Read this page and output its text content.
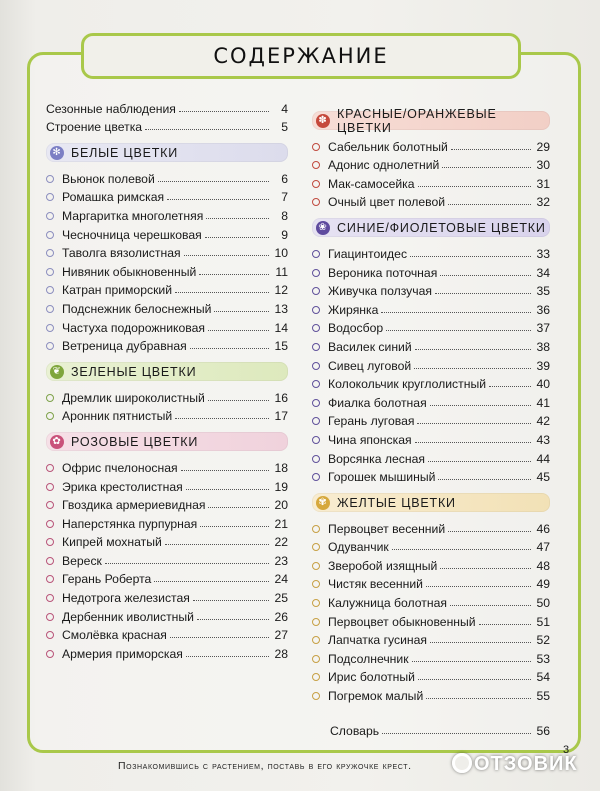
СОДЕРЖАНИЕ
Сезонные наблюдения	4
Строение цветка	5
✻ БЕЛЫЕ ЦВЕТКИ
Вьюнок полевой	6
Ромашка римская	7
Маргаритка многолетняя	8
Чесночница черешковая	9
Таволга вязолистная	10
Нивяник обыкновенный	11
Катран приморский	12
Подснежник белоснежный	13
Частуха подорожниковая	14
Ветреница дубравная	15
❦ ЗЕЛЕНЫЕ ЦВЕТКИ
Дремлик широколистный	16
Аронник пятнистый	17
✿ РОЗОВЫЕ ЦВЕТКИ
Офрис пчелоносная	18
Эрика крестолистная	19
Гвоздика армериевидная	20
Наперстянка пурпурная	21
Кипрей мохнатый	22
Вереск	23
Герань Роберта	24
Недотрога железистая	25
Дербенник иволистный	26
Смолёвка красная	27
Армерия приморская	28
✽ КРАСНЫЕ/ОРАНЖЕВЫЕ ЦВЕТКИ
Сабельник болотный	29
Адонис однолетний	30
Мак-самосейка	31
Очный цвет полевой	32
❀ СИНИЕ/ФИОЛЕТОВЫЕ ЦВЕТКИ
Гиацинтоидес	33
Вероника поточная	34
Живучка ползучая	35
Жирянка	36
Водосбор	37
Василек синий	38
Сивец луговой	39
Колокольчик круглолистный	40
Фиалка болотная	41
Герань луговая	42
Чина японская	43
Ворсянка лесная	44
Горошек мышиный	45
✾ ЖЕЛТЫЕ ЦВЕТКИ
Первоцвет весенний	46
Одуванчик	47
Зверобой изящный	48
Чистяк весенний	49
Калужница болотная	50
Первоцвет обыкновенный	51
Лапчатка гусиная	52
Подсолнечник	53
Ирис болотный	54
Погремок малый	55
Словарь	56
Познакомившись с растением, поставь в его кружочке крест.
3
ОТЗОВИК
